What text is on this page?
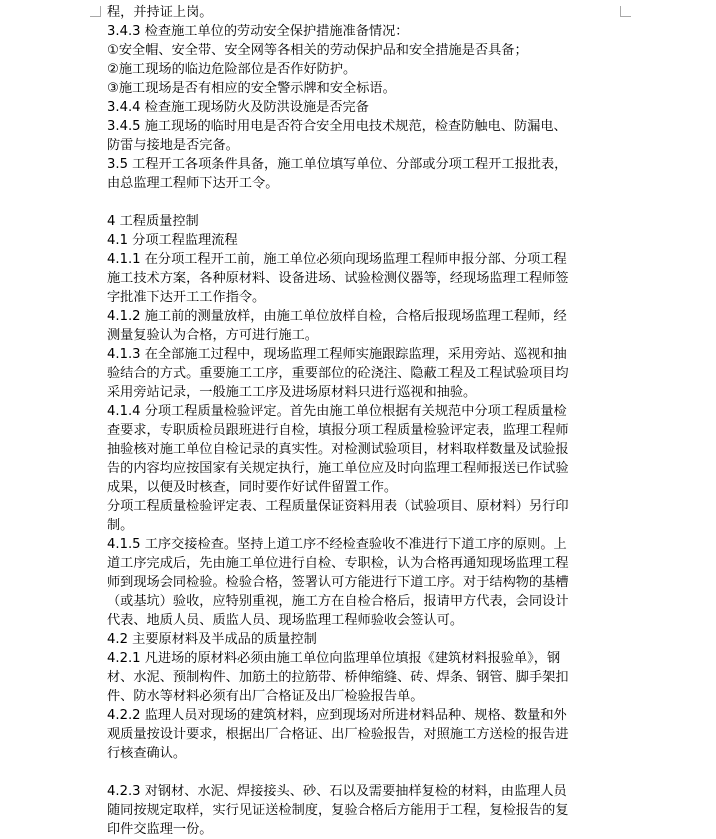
程，并持证上岗。
3.4.3 检查施工单位的劳动安全保护措施准备情况：
①安全帽、安全带、安全网等各相关的劳动保护品和安全措施是否具备；
②施工现场的临边危险部位是否作好防护。
③施工现场是否有相应的安全警示牌和安全标语。
3.4.4 检查施工现场防火及防洪设施是否完备
3.4.5 施工现场的临时用电是否符合安全用电技术规范，检查防触电、防漏电、
防雷与接地是否完备。
3.5 工程开工各项条件具备，施工单位填写单位、分部或分项工程开工报批表，
由总监理工程师下达开工令。
4 工程质量控制
4.1 分项工程监理流程
4.1.1 在分项工程开工前，施工单位必须向现场监理工程师申报分部、分项工程
施工技术方案，各种原材料、设备进场、试验检测仪器等，经现场监理工程师签
字批准下达开工工作指令。
4.1.2 施工前的测量放样，由施工单位放样自检，合格后报现场监理工程师，经
测量复验认为合格，方可进行施工。
4.1.3 在全部施工过程中，现场监理工程师实施跟踪监理，采用旁站、巡视和抽
验结合的方式。重要施工工序，重要部位的砼浇注、隐蔽工程及工程试验项目均
采用旁站记录，一般施工工序及进场原材料只进行巡视和抽验。
4.1.4 分项工程质量检验评定。首先由施工单位根据有关规范中分项工程质量检
查要求，专职质检员跟班进行自检，填报分项工程质量检验评定表，监理工程师
抽验核对施工单位自检记录的真实性。对检测试验项目，材料取样数量及试验报
告的内容均应按国家有关规定执行，施工单位应及时向监理工程师报送已作试验
成果，以便及时核查，同时要作好试件留置工作。
分项工程质量检验评定表、工程质量保证资料用表（试验项目、原材料）另行印
制。
4.1.5 工序交接检查。坚持上道工序不经检查验收不准进行下道工序的原则。上
道工序完成后，先由施工单位进行自检、专职检，认为合格再通知现场监理工程
师到现场会同检验。检验合格，签署认可方能进行下道工序。对于结构物的基槽
（或基坑）验收，应特别重视，施工方在自检合格后，报请甲方代表，会同设计
代表、地质人员、质监人员、现场监理工程师验收会签认可。
4.2 主要原材料及半成品的质量控制
4.2.1 凡进场的原材料必须由施工单位向监理单位填报《建筑材料报验单》，钢
材、水泥、预制构件、加筋土的拉筋带、桥伸缩缝、砖、焊条、钢管、脚手架扣
件、防水等材料必须有出厂合格证及出厂检验报告单。
4.2.2 监理人员对现场的建筑材料，应到现场对所进材料品种、规格、数量和外
观质量按设计要求，根据出厂合格证、出厂检验报告，对照施工方送检的报告进
行核查确认。
4.2.3 对钢材、水泥、焊接接头、砂、石以及需要抽样复检的材料，由监理人员
随同按规定取样，实行见证送检制度，复验合格后方能用于工程，复检报告的复
印件交监理一份。
